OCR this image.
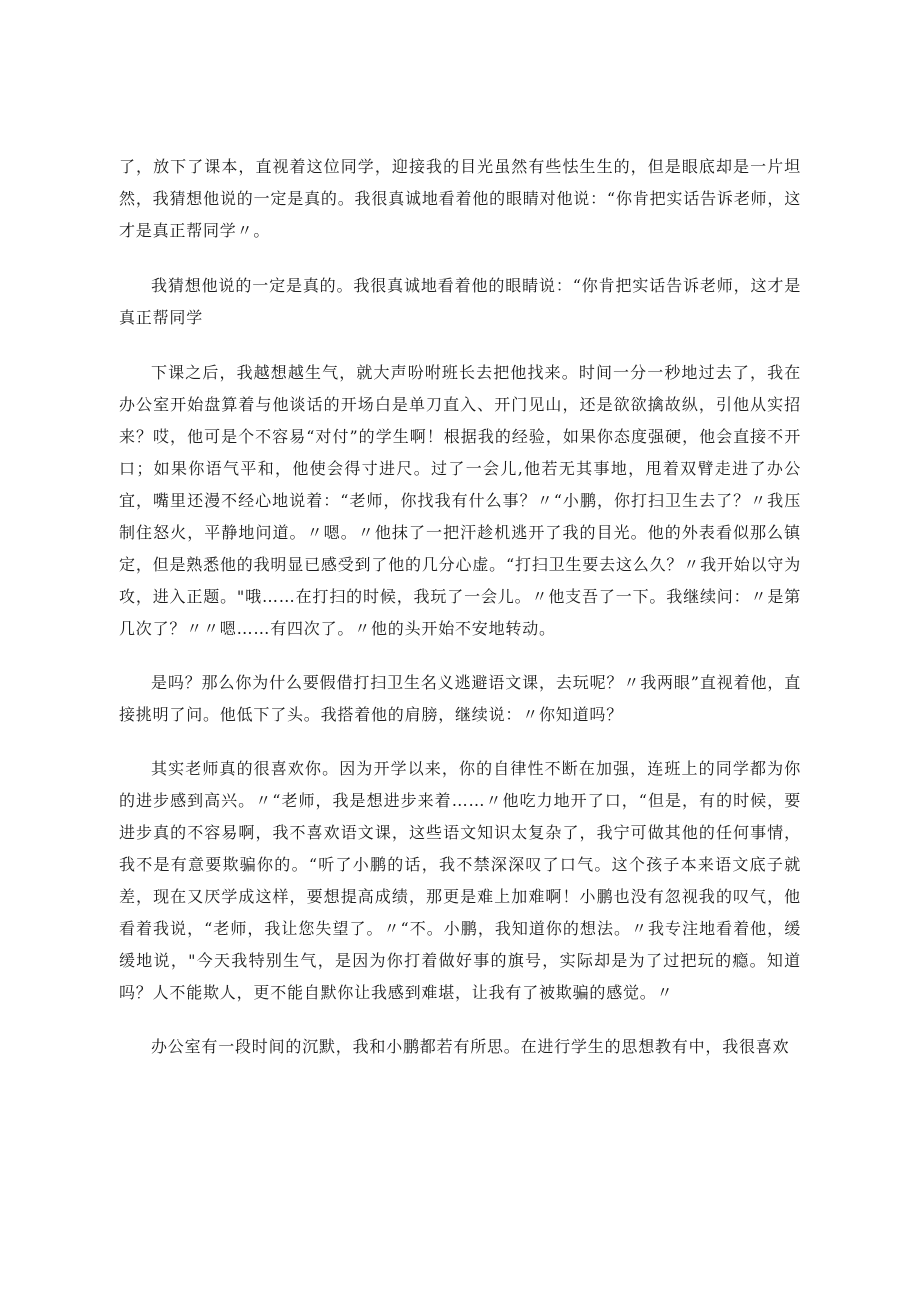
了，放下了课本，直视着这位同学，迎接我的目光虽然有些怯生生的，但是眼底却是一片坦然，我猜想他说的一定是真的。我很真诚地看着他的眼睛对他说：“你肯把实话告诉老师，这才是真正帮同学〃。

我猜想他说的一定是真的。我很真诚地看着他的眼睛说：“你肯把实话告诉老师，这才是真正帮同学

下课之后，我越想越生气，就大声吩咐班长去把他找来。时间一分一秒地过去了，我在办公室开始盘算着与他谈话的开场白是单刀直入、开门见山，还是欲欲擒故纵，引他从实招来？哎，他可是个不容易“对付”的学生啊！根据我的经验，如果你态度强硬，他会直接不开口；如果你语气平和，他使会得寸进尺。过了一会儿,他若无其事地，甩着双臂走进了办公宜，嘴里还漫不经心地说着：“老师，你找我有什么事？〃“小鹏，你打扫卫生去了？〃我压制住怒火，平静地问道。〃嗯。〃他抹了一把汗趁机逃开了我的目光。他的外表看似那么镇定，但是熟悉他的我明显已感受到了他的几分心虚。“打扫卫生要去这么久？〃我开始以守为攻，进入正题。"哦……在打扫的时候，我玩了一会儿。〃他支吾了一下。我继续问：〃是第几次了？〃〃嗯……有四次了。〃他的头开始不安地转动。

是吗？那么你为什么要假借打扫卫生名义逃避语文课，去玩呢？〃我两眼”直视着他，直接挑明了问。他低下了头。我搭着他的肩膀，继续说：〃你知道吗？

其实老师真的很喜欢你。因为开学以来，你的自律性不断在加强，连班上的同学都为你的进步感到高兴。〃“老师，我是想进步来着……〃他吃力地开了口，“但是，有的时候，要进步真的不容易啊，我不喜欢语文课，这些语文知识太复杂了，我宁可做其他的任何事情，我不是有意要欺骗你的。“听了小鹏的话，我不禁深深叹了口气。这个孩子本来语文底子就差，现在又厌学成这样，要想提高成绩，那更是难上加难啊！小鹏也没有忽视我的叹气，他看着我说，“老师，我让您失望了。〃“不。小鹏，我知道你的想法。〃我专注地看着他，缓缓地说，"今天我特别生气，是因为你打着做好事的旗号，实际却是为了过把玩的瘾。知道吗？人不能欺人，更不能自默你让我感到难堪，让我有了被欺骗的感觉。〃

办公室有一段时间的沉默，我和小鹏都若有所思。在进行学生的思想教有中，我很喜欢
